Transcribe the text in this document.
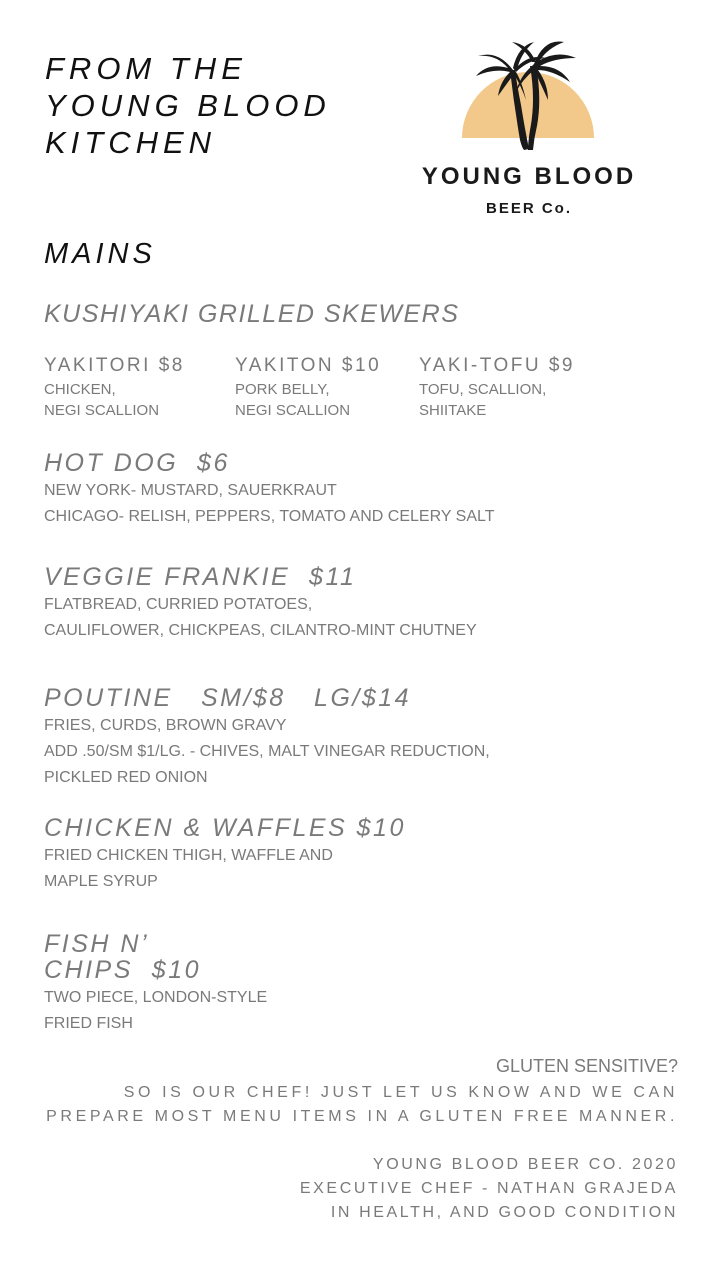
FROM THE
YOUNG BLOOD
KITCHEN
YOUNG BLOOD
BEER Co.
MAINS
KUSHIYAKI GRILLED SKEWERS
YAKITORI $8
CHICKEN,
NEGI SCALLION
YAKITON $10
PORK BELLY,
NEGI SCALLION
YAKI-TOFU $9
TOFU, SCALLION,
SHIITAKE
HOT DOG  $6
NEW YORK- MUSTARD, SAUERKRAUT
CHICAGO- RELISH, PEPPERS, TOMATO AND CELERY SALT
VEGGIE FRANKIE  $11
FLATBREAD, CURRIED POTATOES,
CAULIFLOWER, CHICKPEAS, CILANTRO-MINT CHUTNEY
POUTINE   SM/$8   LG/$14
FRIES, CURDS, BROWN GRAVY
ADD .50/SM $1/LG. - CHIVES, MALT VINEGAR REDUCTION,
PICKLED RED ONION
CHICKEN & WAFFLES $10
FRIED CHICKEN THIGH, WAFFLE AND
MAPLE SYRUP
FISH N’
CHIPS  $10
TWO PIECE, LONDON-STYLE
FRIED FISH
GLUTEN SENSITIVE?
SO IS OUR CHEF! JUST LET US KNOW AND WE CAN
PREPARE MOST MENU ITEMS IN A GLUTEN FREE MANNER.
YOUNG BLOOD BEER CO. 2020
EXECUTIVE CHEF - NATHAN GRAJEDA
IN HEALTH, AND GOOD CONDITION
